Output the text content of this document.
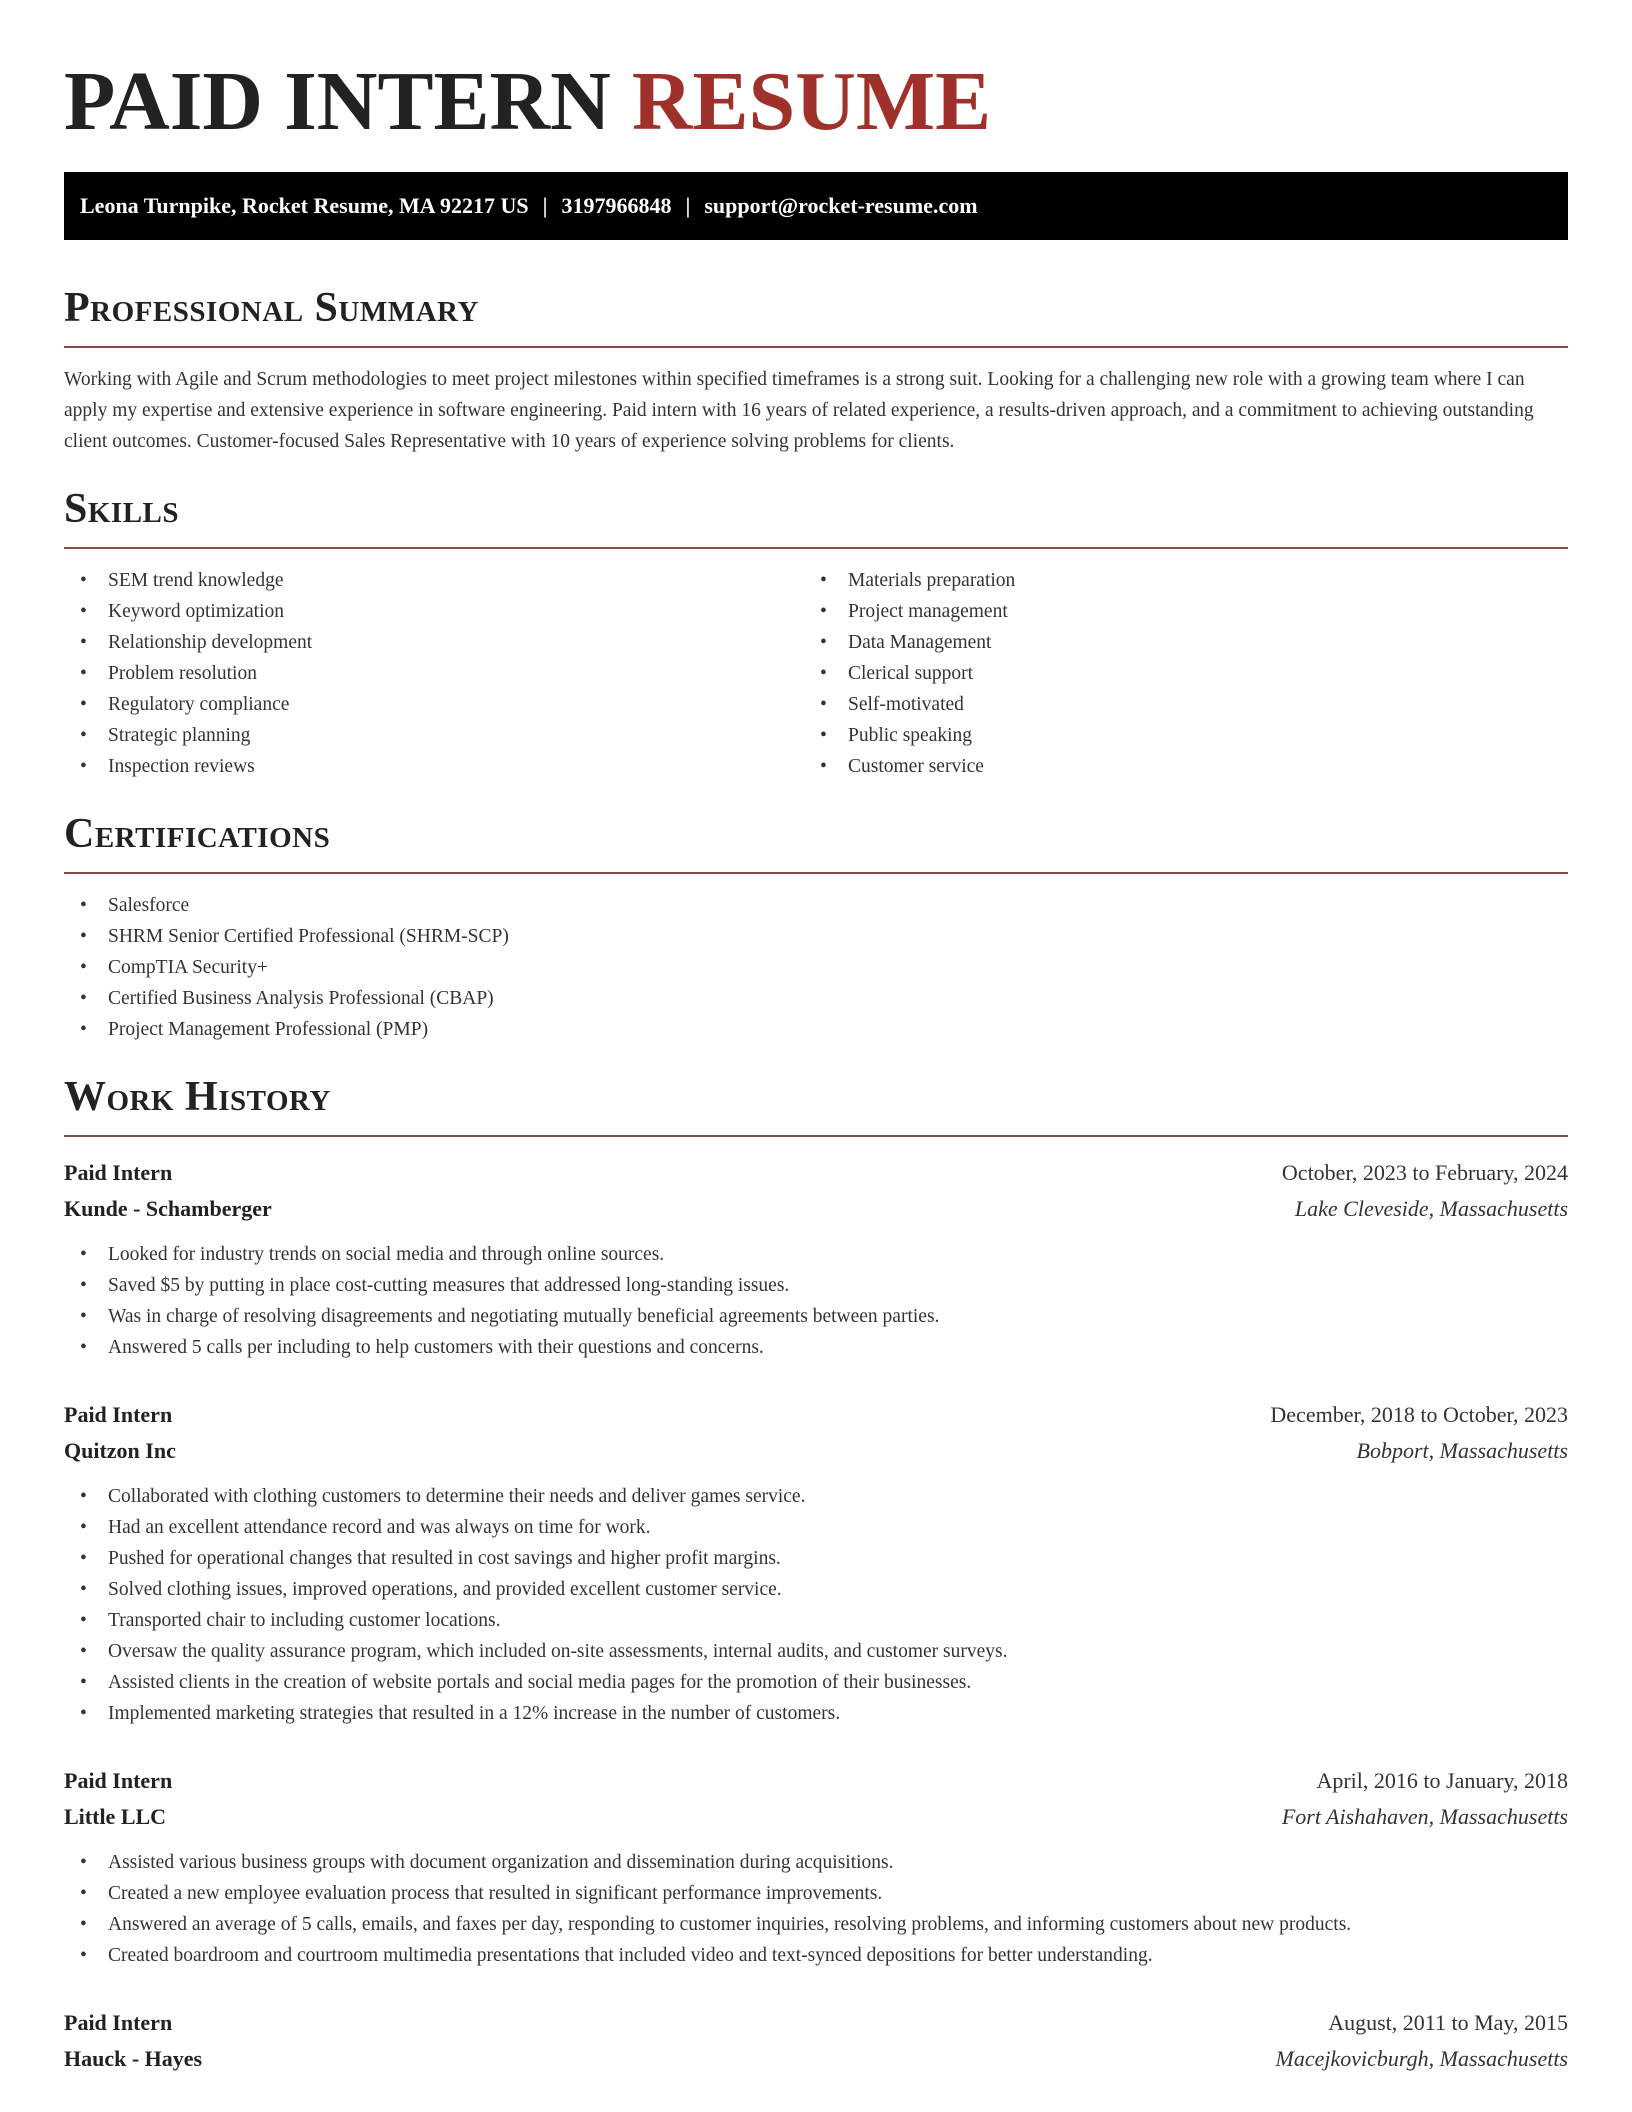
PAID INTERN RESUME
Leona Turnpike, Rocket Resume, MA 92217 US | 3197966848 | support@rocket-resume.com
Professional Summary

Working with Agile and Scrum methodologies to meet project milestones within specified timeframes is a strong suit. Looking for a challenging new role with a growing team where I can apply my expertise and extensive experience in software engineering. Paid intern with 16 years of related experience, a results-driven approach, and a commitment to achieving outstanding client outcomes. Customer-focused Sales Representative with 10 years of experience solving problems for clients.

Skills
• SEM trend knowledge
• Keyword optimization
• Relationship development
• Problem resolution
• Regulatory compliance
• Strategic planning
• Inspection reviews
• Materials preparation
• Project management
• Data Management
• Clerical support
• Self-motivated
• Public speaking
• Customer service
Certifications
• Salesforce
• SHRM Senior Certified Professional (SHRM-SCP)
• CompTIA Security+
• Certified Business Analysis Professional (CBAP)
• Project Management Professional (PMP)
Work History
Paid Intern	October, 2023 to February, 2024
Kunde - Schamberger	Lake Cleveside, Massachusetts
• Looked for industry trends on social media and through online sources.
• Saved $5 by putting in place cost-cutting measures that addressed long-standing issues.
• Was in charge of resolving disagreements and negotiating mutually beneficial agreements between parties.
• Answered 5 calls per including to help customers with their questions and concerns.
Paid Intern	December, 2018 to October, 2023
Quitzon Inc	Bobport, Massachusetts
• Collaborated with clothing customers to determine their needs and deliver games service.
• Had an excellent attendance record and was always on time for work.
• Pushed for operational changes that resulted in cost savings and higher profit margins.
• Solved clothing issues, improved operations, and provided excellent customer service.
• Transported chair to including customer locations.
• Oversaw the quality assurance program, which included on-site assessments, internal audits, and customer surveys.
• Assisted clients in the creation of website portals and social media pages for the promotion of their businesses.
• Implemented marketing strategies that resulted in a 12% increase in the number of customers.
Paid Intern	April, 2016 to January, 2018
Little LLC	Fort Aishahaven, Massachusetts
• Assisted various business groups with document organization and dissemination during acquisitions.
• Created a new employee evaluation process that resulted in significant performance improvements.
• Answered an average of 5 calls, emails, and faxes per day, responding to customer inquiries, resolving problems, and informing customers about new products.
• Created boardroom and courtroom multimedia presentations that included video and text-synced depositions for better understanding.
Paid Intern	August, 2011 to May, 2015
Hauck - Hayes	Macejkovicburgh, Massachusetts
